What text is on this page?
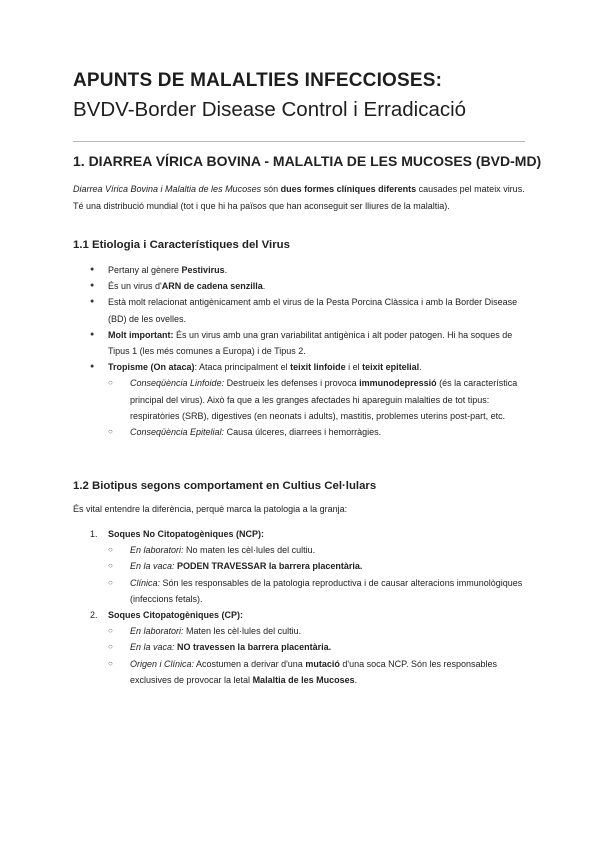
APUNTS DE MALALTIES INFECCIOSES:
BVDV-Border Disease Control i Erradicació
1. DIARREA VÍRICA BOVINA - MALALTIA DE LES MUCOSES (BVD-MD)

Diarrea Vírica Bovina i Malaltia de les Mucoses són dues formes clíniques diferents causades pel mateix virus. Té una distribució mundial (tot i que hi ha països que han aconseguit ser lliures de la malaltia).

1.1 Etiologia i Característiques del Virus
● Pertany al gènere Pestivirus.
● És un virus d'ARN de cadena senzilla.
● Està molt relacionat antigènicament amb el virus de la Pesta Porcina Clàssica i amb la Border Disease (BD) de les ovelles.
● Molt important: És un virus amb una gran variabilitat antigènica i alt poder patogen. Hi ha soques de Tipus 1 (les més comunes a Europa) i de Tipus 2.
● Tropisme (On ataca): Ataca principalment el teixit linfoide i el teixit epitelial.
○ Conseqüència Linfoide: Destrueix les defenses i provoca immunodepressió (és la característica principal del virus). Això fa que a les granges afectades hi apareguin malalties de tot tipus: respiratòries (SRB), digestives (en neonats i adults), mastitis, problemes uterins post-part, etc.
○ Conseqüència Epitelial: Causa úlceres, diarrees i hemorràgies.
1.2 Biotipus segons comportament en Cultius Cel·lulars

És vital entendre la diferència, perquè marca la patologia a la granja:

1. Soques No Citopatogèniques (NCP):
○ En laboratori: No maten les cèl·lules del cultiu.
○ En la vaca: PODEN TRAVESSAR la barrera placentària.
○ Clínica: Són les responsables de la patologia reproductiva i de causar alteracions immunològiques (infeccions fetals).
2. Soques Citopatogèniques (CP):
○ En laboratori: Maten les cèl·lules del cultiu.
○ En la vaca: NO travessen la barrera placentària.
○ Origen i Clínica: Acostumen a derivar d'una mutació d'una soca NCP. Són les responsables exclusives de provocar la letal Malaltia de les Mucoses.
